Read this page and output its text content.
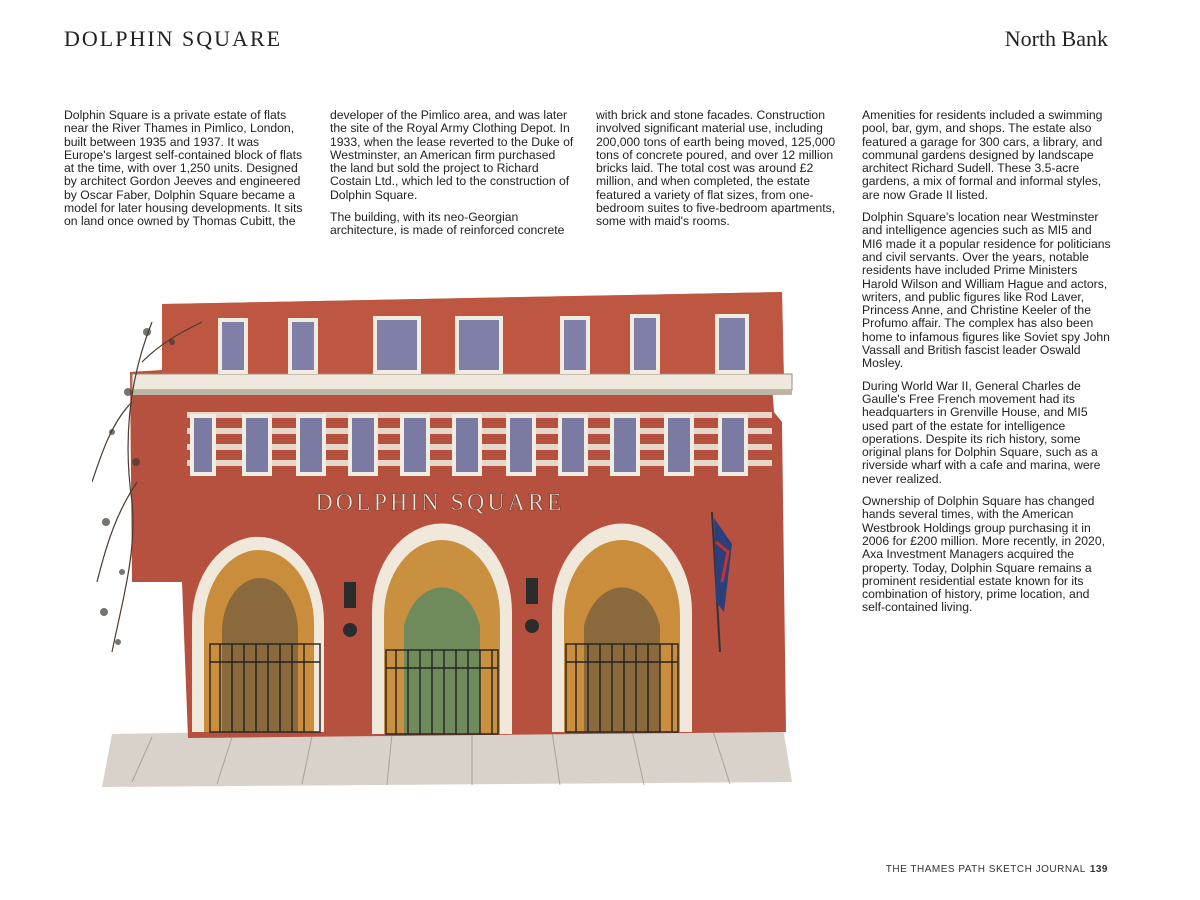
DOLPHIN SQUARE	North Bank

Dolphin Square is a private estate of flats near the River Thames in Pimlico, London, built between 1935 and 1937. It was Europe's largest self-contained block of flats at the time, with over 1,250 units. Designed by architect Gordon Jeeves and engineered by Oscar Faber, Dolphin Square became a model for later housing developments. It sits on land once owned by Thomas Cubitt, the

developer of the Pimlico area, and was later the site of the Royal Army Clothing Depot. In 1933, when the lease reverted to the Duke of Westminster, an American firm purchased the land but sold the project to Richard Costain Ltd., which led to the construction of Dolphin Square.

The building, with its neo-Georgian architecture, is made of reinforced concrete

with brick and stone facades. Construction involved significant material use, including 200,000 tons of earth being moved, 125,000 tons of concrete poured, and over 12 million bricks laid. The total cost was around £2 million, and when completed, the estate featured a variety of flat sizes, from one-bedroom suites to five-bedroom apartments, some with maid's rooms.

Amenities for residents included a swimming pool, bar, gym, and shops. The estate also featured a garage for 300 cars, a library, and communal gardens designed by landscape architect Richard Sudell. These 3.5-acre gardens, a mix of formal and informal styles, are now Grade II listed.

Dolphin Square's location near Westminster and intelligence agencies such as MI5 and MI6 made it a popular residence for politicians and civil servants. Over the years, notable residents have included Prime Ministers Harold Wilson and William Hague and actors, writers, and public figures like Rod Laver, Princess Anne, and Christine Keeler of the Profumo affair. The complex has also been home to infamous figures like Soviet spy John Vassall and British fascist leader Oswald Mosley.

During World War II, General Charles de Gaulle's Free French movement had its headquarters in Grenville House, and MI5 used part of the estate for intelligence operations. Despite its rich history, some original plans for Dolphin Square, such as a riverside wharf with a cafe and marina, were never realized.

Ownership of Dolphin Square has changed hands several times, with the American Westbrook Holdings group purchasing it in 2006 for £200 million. More recently, in 2020, Axa Investment Managers acquired the property. Today, Dolphin Square remains a prominent residential estate known for its combination of history, prime location, and self-contained living.

DOLPHIN SQUARE
THE THAMES PATH SKETCH JOURNAL 139
